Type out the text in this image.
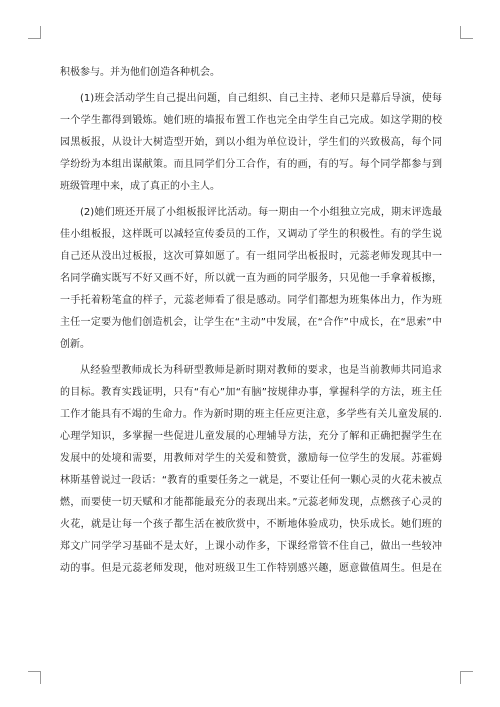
积极参与。并为他们创造各种机会。

(1)班会活动学生自己提出问题，自己组织、自己主持、老师只是幕后导演，使每
一个学生都得到锻炼。她们班的墙报布置工作也完全由学生自己完成。如这学期的校
园黑板报，从设计大树造型开始，到以小组为单位设计，学生们的兴致极高，每个同
学纷纷为本组出谋献策。而且同学们分工合作，有的画，有的写。每个同学都参与到
班级管理中来，成了真正的小主人。

(2)她们班还开展了小组板报评比活动。每一期由一个小组独立完成，期末评选最
佳小组板报，这样既可以减轻宣传委员的工作，又调动了学生的积极性。有的学生说
自己还从没出过板报，这次可算如愿了。有一组同学出板报时，元蕊老师发现其中一
名同学确实既写不好又画不好，所以就一直为画的同学服务，只见他一手拿着板擦，
一手托着粉笔盒的样子，元蕊老师看了很是感动。同学们都想为班集体出力，作为班
主任一定要为他们创造机会，让学生在“主动”中发展，在“合作”中成长，在“思索”中
创新。

从经验型教师成长为科研型教师是新时期对教师的要求，也是当前教师共同追求
的目标。教育实践证明，只有“有心”加“有脑”按规律办事，掌握科学的方法，班主任
工作才能具有不竭的生命力。作为新时期的班主任应更注意，多学些有关儿童发展的.
心理学知识，多掌握一些促进儿童发展的心理辅导方法，充分了解和正确把握学生在
发展中的处境和需要，用教师对学生的关爱和赞赏，激励每一位学生的发展。苏霍姆
林斯基曾说过一段话：“教育的重要任务之一就是，不要让任何一颗心灵的火花未被点
燃，而要使一切天赋和才能都能最充分的表现出来。”元蕊老师发现，点燃孩子心灵的
火花，就是让每一个孩子都生活在被欣赏中，不断地体验成功，快乐成长。她们班的
郑文广同学学习基础不是太好，上课小动作多，下课经常管不住自己，做出一些较冲
动的事。但是元蕊老师发现，他对班级卫生工作特别感兴趣，愿意做值周生。但是在
